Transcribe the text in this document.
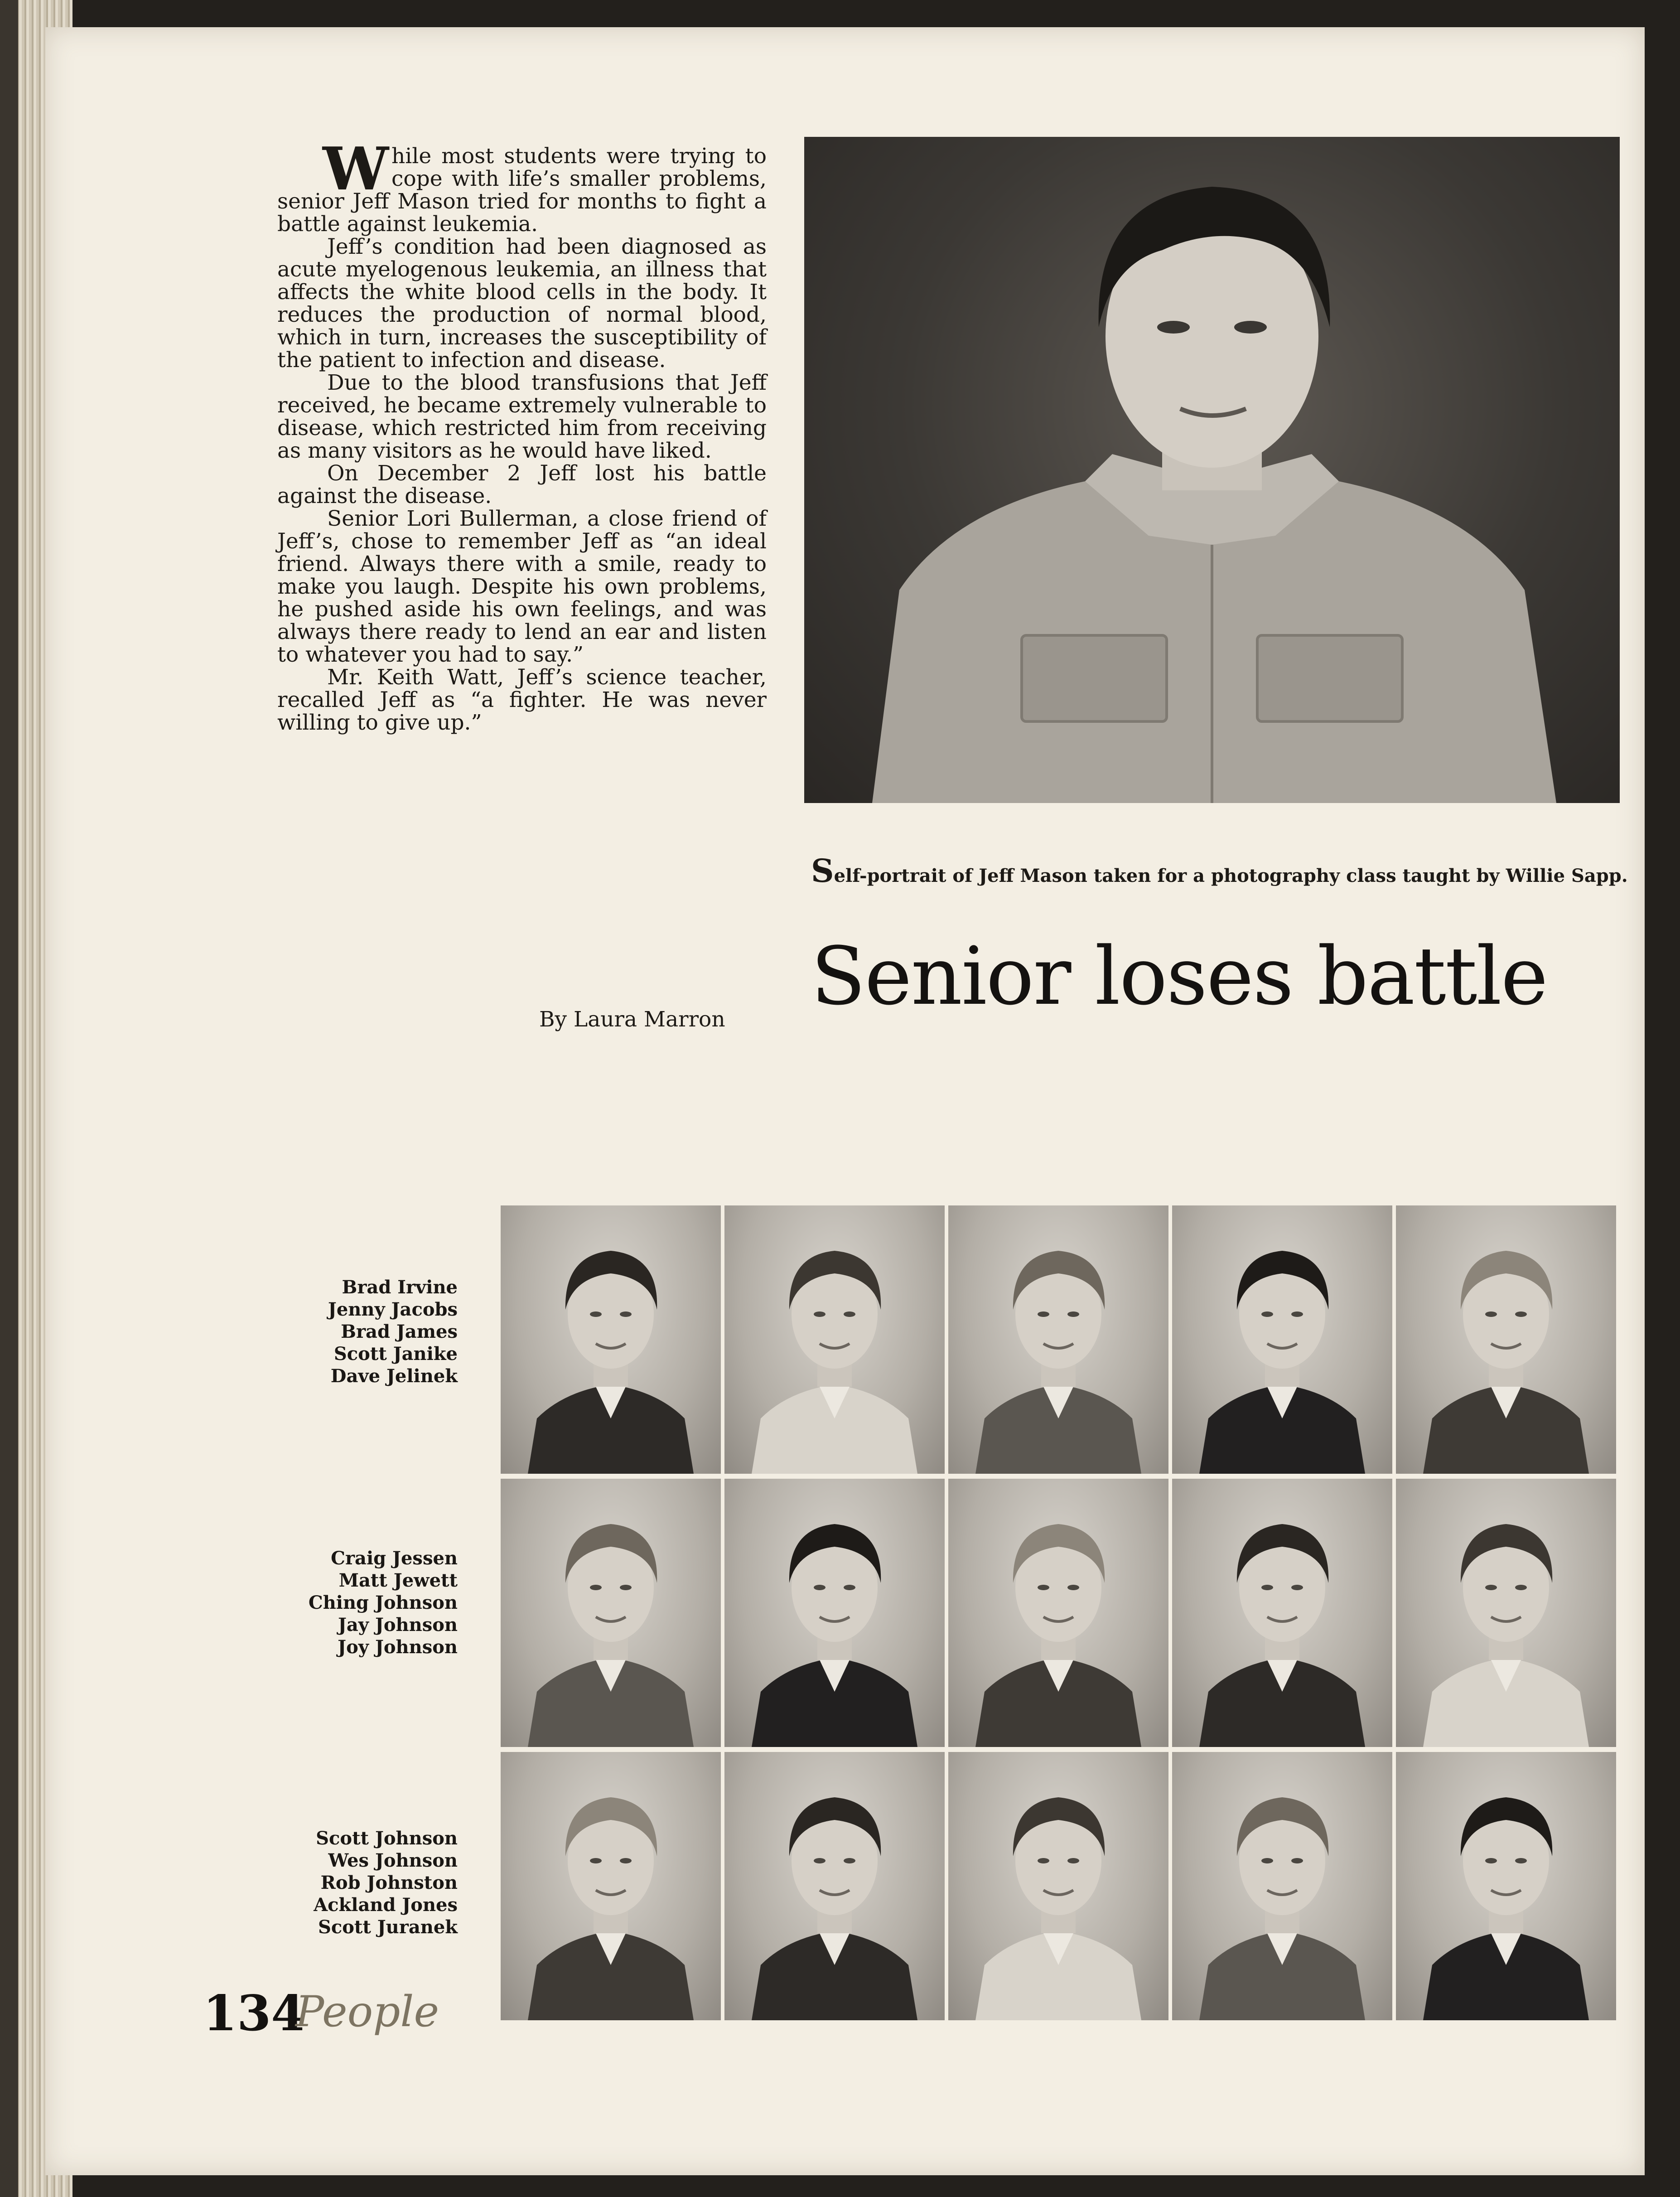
While most students were trying to cope with life’s smaller problems, senior Jeff Mason tried for months to fight a battle against leukemia.

Jeff’s condition had been diagnosed as acute myelogenous leukemia, an illness that affects the white blood cells in the body. It reduces the production of normal blood, which in turn, increases the susceptibility of the patient to infection and disease.

Due to the blood transfusions that Jeff received, he became extremely vulnerable to disease, which restricted him from receiving as many visitors as he would have liked.

On December 2 Jeff lost his battle against the disease.

Senior Lori Bullerman, a close friend of Jeff’s, chose to remember Jeff as “an ideal friend. Always there with a smile, ready to make you laugh. Despite his own problems, he pushed aside his own feelings, and was always there ready to lend an ear and listen to whatever you had to say.”

Mr. Keith Watt, Jeff’s science teacher, recalled Jeff as “a fighter. He was never willing to give up.”

By Laura Marron
Self-portrait of Jeff Mason taken for a photography class taught by Willie Sapp.
Senior loses battle
Brad Irvine
Jenny Jacobs
Brad James
Scott Janike
Dave Jelinek
Craig Jessen
Matt Jewett
Ching Johnson
Jay Johnson
Joy Johnson
Scott Johnson
Wes Johnson
Rob Johnston
Ackland Jones
Scott Juranek
134
People
